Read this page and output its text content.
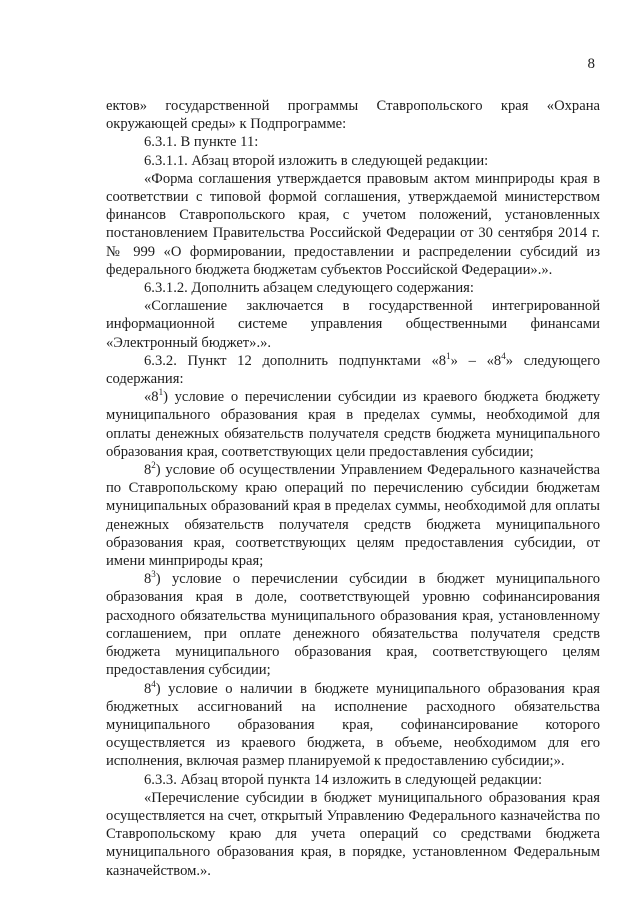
8

ектов» государственной программы Ставропольского края «Охрана окружающей среды» к Подпрограмме:

6.3.1. В пункте 11:

6.3.1.1. Абзац второй изложить в следующей редакции:

«Форма соглашения утверждается правовым актом минприроды края в соответствии с типовой формой соглашения, утверждаемой министерством финансов Ставропольского края, с учетом положений, установленных постановлением Правительства Российской Федерации от 30 сентября 2014 г. № 999 «О формировании, предоставлении и распределении субсидий из федерального бюджета бюджетам субъектов Российской Федерации».».

6.3.1.2. Дополнить абзацем следующего содержания:

«Соглашение заключается в государственной интегрированной информационной системе управления общественными финансами «Электронный бюджет».».

6.3.2. Пункт 12 дополнить подпунктами «$8^1$» – «$8^4$» следующего содержания:

«$8^1$) условие о перечислении субсидии из краевого бюджета бюджету муниципального образования края в пределах суммы, необходимой для оплаты денежных обязательств получателя средств бюджета муниципального образования края, соответствующих цели предоставления субсидии;

$8^2$) условие об осуществлении Управлением Федерального казначейства по Ставропольскому краю операций по перечислению субсидии бюджетам муниципальных образований края в пределах суммы, необходимой для оплаты денежных обязательств получателя средств бюджета муниципального образования края, соответствующих целям предоставления субсидии, от имени минприроды края;

$8^3$) условие о перечислении субсидии в бюджет муниципального образования края в доле, соответствующей уровню софинансирования расходного обязательства муниципального образования края, установленному соглашением, при оплате денежного обязательства получателя средств бюджета муниципального образования края, соответствующего целям предоставления субсидии;

$8^4$) условие о наличии в бюджете муниципального образования края бюджетных ассигнований на исполнение расходного обязательства муниципального образования края, софинансирование которого осуществляется из краевого бюджета, в объеме, необходимом для его исполнения, включая размер планируемой к предоставлению субсидии;».

6.3.3. Абзац второй пункта 14 изложить в следующей редакции:

«Перечисление субсидии в бюджет муниципального образования края осуществляется на счет, открытый Управлению Федерального казначейства по Ставропольскому краю для учета операций со средствами бюджета муниципального образования края, в порядке, установленном Федеральным казначейством.».
